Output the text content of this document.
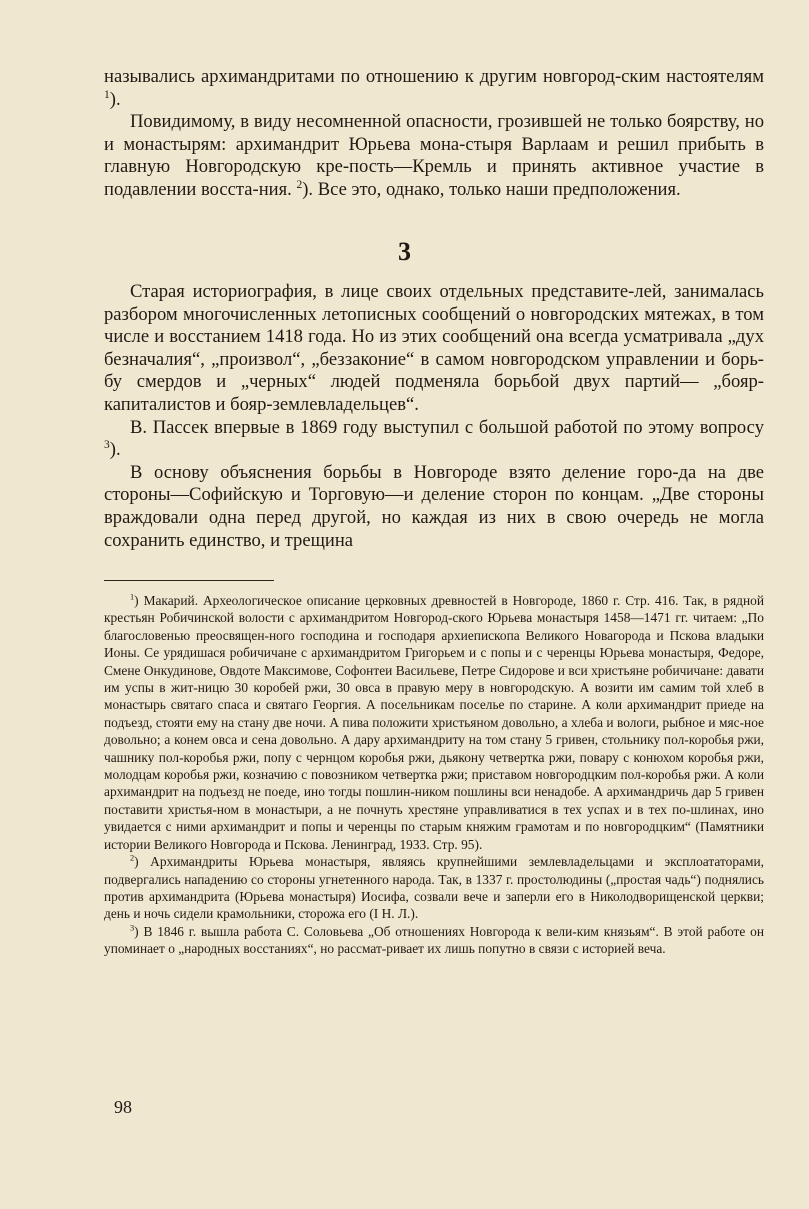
назывались архимандритами по отношению к другим новгород-ским настоятелям $^1$).

Повидимому, в виду несомненной опасности, грозившей не только боярству, но и монастырям: архимандрит Юрьева мона-стыря Варлаам и решил прибыть в главную Новгородскую кре-пость—Кремль и принять активное участие в подавлении восста-ния. $^2$). Все это, однако, только наши предположения.

3

Старая историография, в лице своих отдельных представите-лей, занималась разбором многочисленных летописных сообщений о новгородских мятежах, в том числе и восстанием 1418 года. Но из этих сообщений она всегда усматривала „дух безначалия“, „произвол“, „беззаконие“ в самом новгородском управлении и борь-бу смердов и „черных“ людей подменяла борьбой двух партий— „бояр-капиталистов и бояр-землевладельцев“.

В. Пассек впервые в 1869 году выступил с большой работой по этому вопросу $^3$).

В основу объяснения борьбы в Новгороде взято деление горо-да на две стороны—Софийскую и Торговую—и деление сторон по концам. „Две стороны враждовали одна перед другой, но каждая из них в свою очередь не могла сохранить единство, и трещина

$^1$) Макарий. Археологическое описание церковных древностей в Новгороде, 1860 г. Стр. 416. Так, в рядной крестьян Робичинской волости с архимандритом Новгород-ского Юрьева монастыря 1458—1471 гг. читаем: „По благословенью преосвящен-ного господина и господаря архиепископа Великого Новагорода и Пскова владыки Ионы. Се урядишася робичичане с архимандритом Григорьем и с попы и с черенцы Юрьева монастыря, Федоре, Смене Онкудинове, Овдоте Максимове, Софонтеи Васильеве, Петре Сидорове и вси христьяне робичичане: давати им успы в жит-ницю 30 коробей ржи, 30 овса в правую меру в новгородскую. А возити им самим той хлеб в монастырь святаго спаса и святаго Георгия. А посельникам поселье по старине. А коли архимандрит приеде на подъезд, стояти ему на стану две ночи. А пива положити христьяном довольно, а хлеба и вологи, рыбное и мяс-ное довольно; а конем овса и сена довольно. А дару архимандриту на том стану 5 гривен, стольнику пол-коробья ржи, чашнику пол-коробья ржи, попу с чернцом коробья ржи, дьякону четвертка ржи, повару с конюхом коробья ржи, молодцам коробья ржи, козначию с повозником четвертка ржи; приставом новгородцким пол-коробья ржи. А коли архимандрит на подъезд не поеде, ино тогды пошлин-ником пошлины вси ненадобе. А архимандричь дар 5 гривен поставити христья-ном в монастыри, а не почнуть хрестяне управливатися в тех успах и в тех по-шлинах, ино увидается с ними архимандрит и попы и черенцы по старым княжим грамотам и по новгородцким“ (Памятники истории Великого Новгорода и Пскова. Ленинград, 1933. Стр. 95).

$^2$) Архимандриты Юрьева монастыря, являясь крупнейшими землевладельцами и эксплоататорами, подвергались нападению со стороны угнетенного народа. Так, в 1337 г. простолюдины („простая чадь“) поднялись против архимандрита (Юрьева монастыря) Иосифа, созвали вече и заперли его в Николодворищенской церкви; день и ночь сидели крамольники, сторожа его (I Н. Л.).

$^3$) В 1846 г. вышла работа С. Соловьева „Об отношениях Новгорода к вели-ким князьям“. В этой работе он упоминает о „народных восстаниях“, но рассмат-ривает их лишь попутно в связи с историей веча.

98
